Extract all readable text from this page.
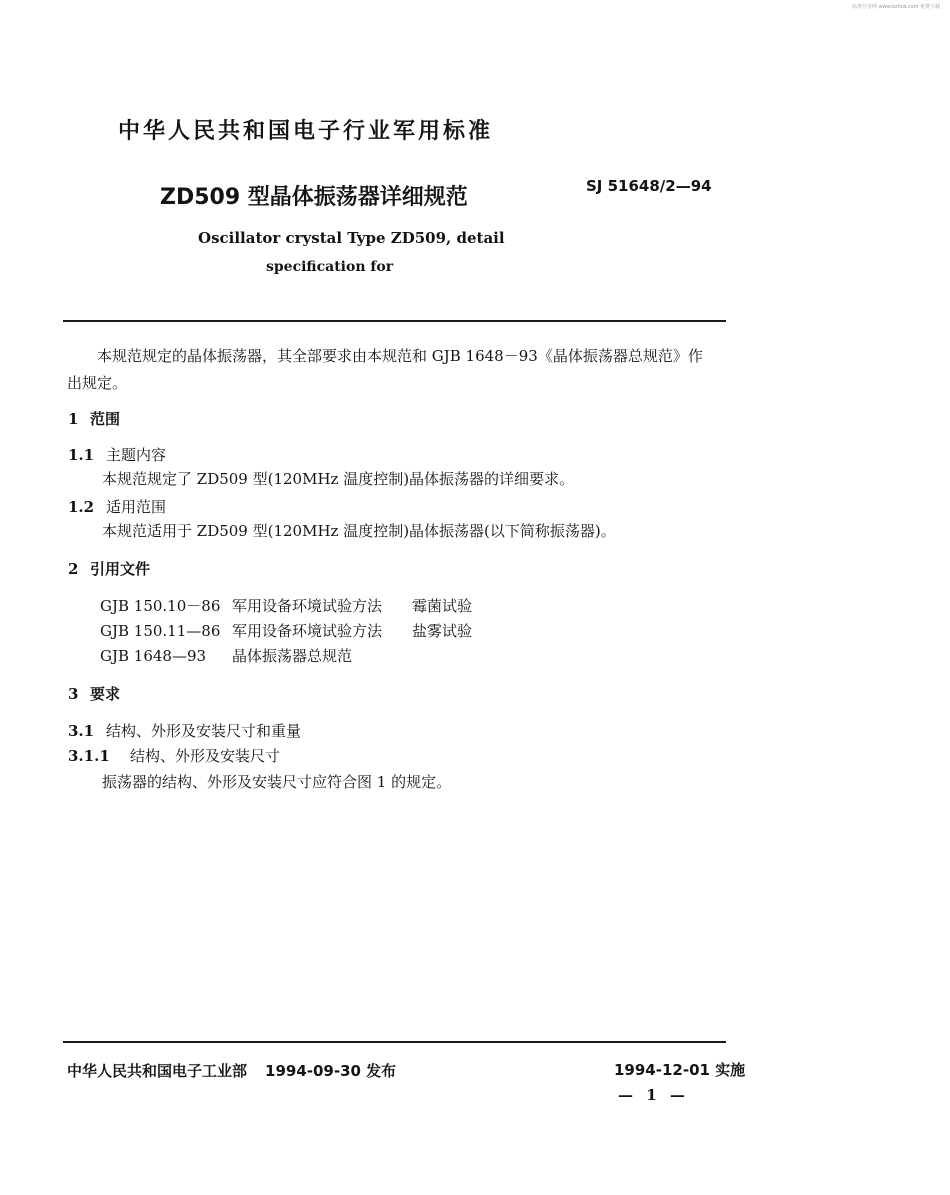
标准分享网 www.bzfxw.com 免费下载
中华人民共和国电子行业军用标准
ZD509 型晶体振荡器详细规范	SJ 51648/2—94
Oscillator crystal Type ZD509, detail
specification for
本规范规定的晶体振荡器，其全部要求由本规范和 GJB 1648－93《晶体振荡器总规范》作
出规定。
1 范围
1.1 主题内容
本规范规定了 ZD509 型(120MHz 温度控制)晶体振荡器的详细要求。
1.2 适用范围
本规范适用于 ZD509 型(120MHz 温度控制)晶体振荡器(以下简称振荡器)。
2 引用文件
GJB 150.10－86 军用设备环境试验方法 霉菌试验
GJB 150.11—86 军用设备环境试验方法 盐雾试验
GJB 1648—93 晶体振荡器总规范
3 要求
3.1 结构、外形及安装尺寸和重量
3.1.1 结构、外形及安装尺寸
振荡器的结构、外形及安装尺寸应符合图 1 的规定。
中华人民共和国电子工业部 1994-09-30 发布	1994-12-01 实施
— 1 —
